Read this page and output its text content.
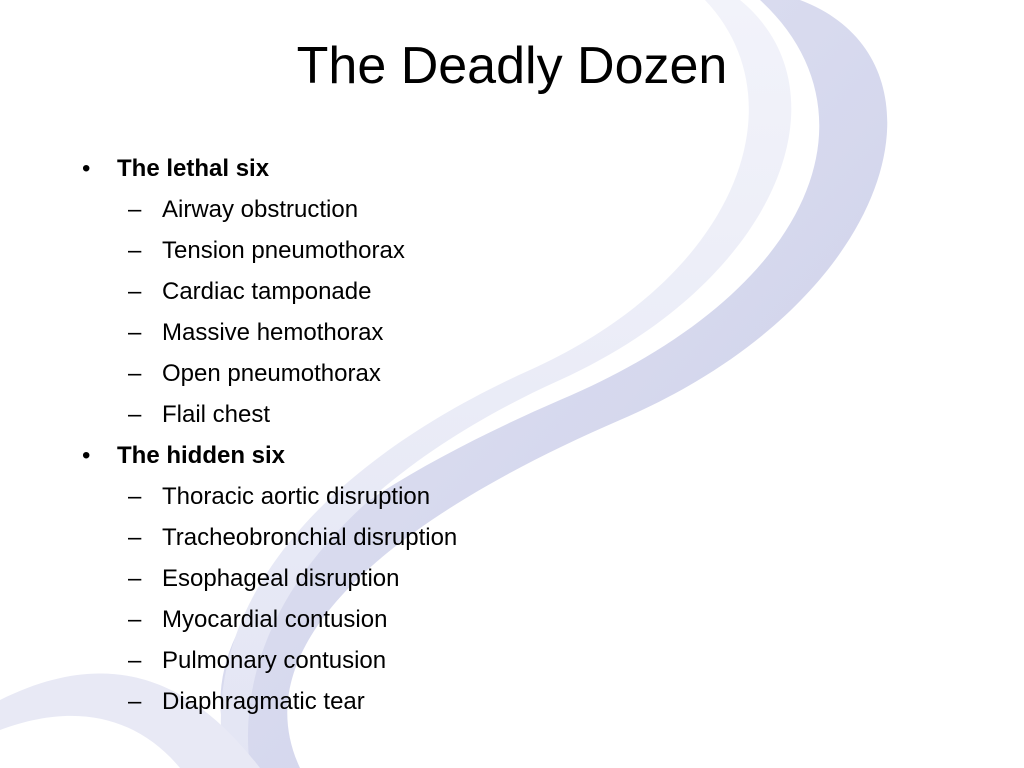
The Deadly Dozen
• The lethal six
– Airway obstruction
– Tension pneumothorax
– Cardiac tamponade
– Massive hemothorax
– Open pneumothorax
– Flail chest
• The hidden six
– Thoracic aortic disruption
– Tracheobronchial disruption
– Esophageal disruption
– Myocardial contusion
– Pulmonary contusion
– Diaphragmatic tear
